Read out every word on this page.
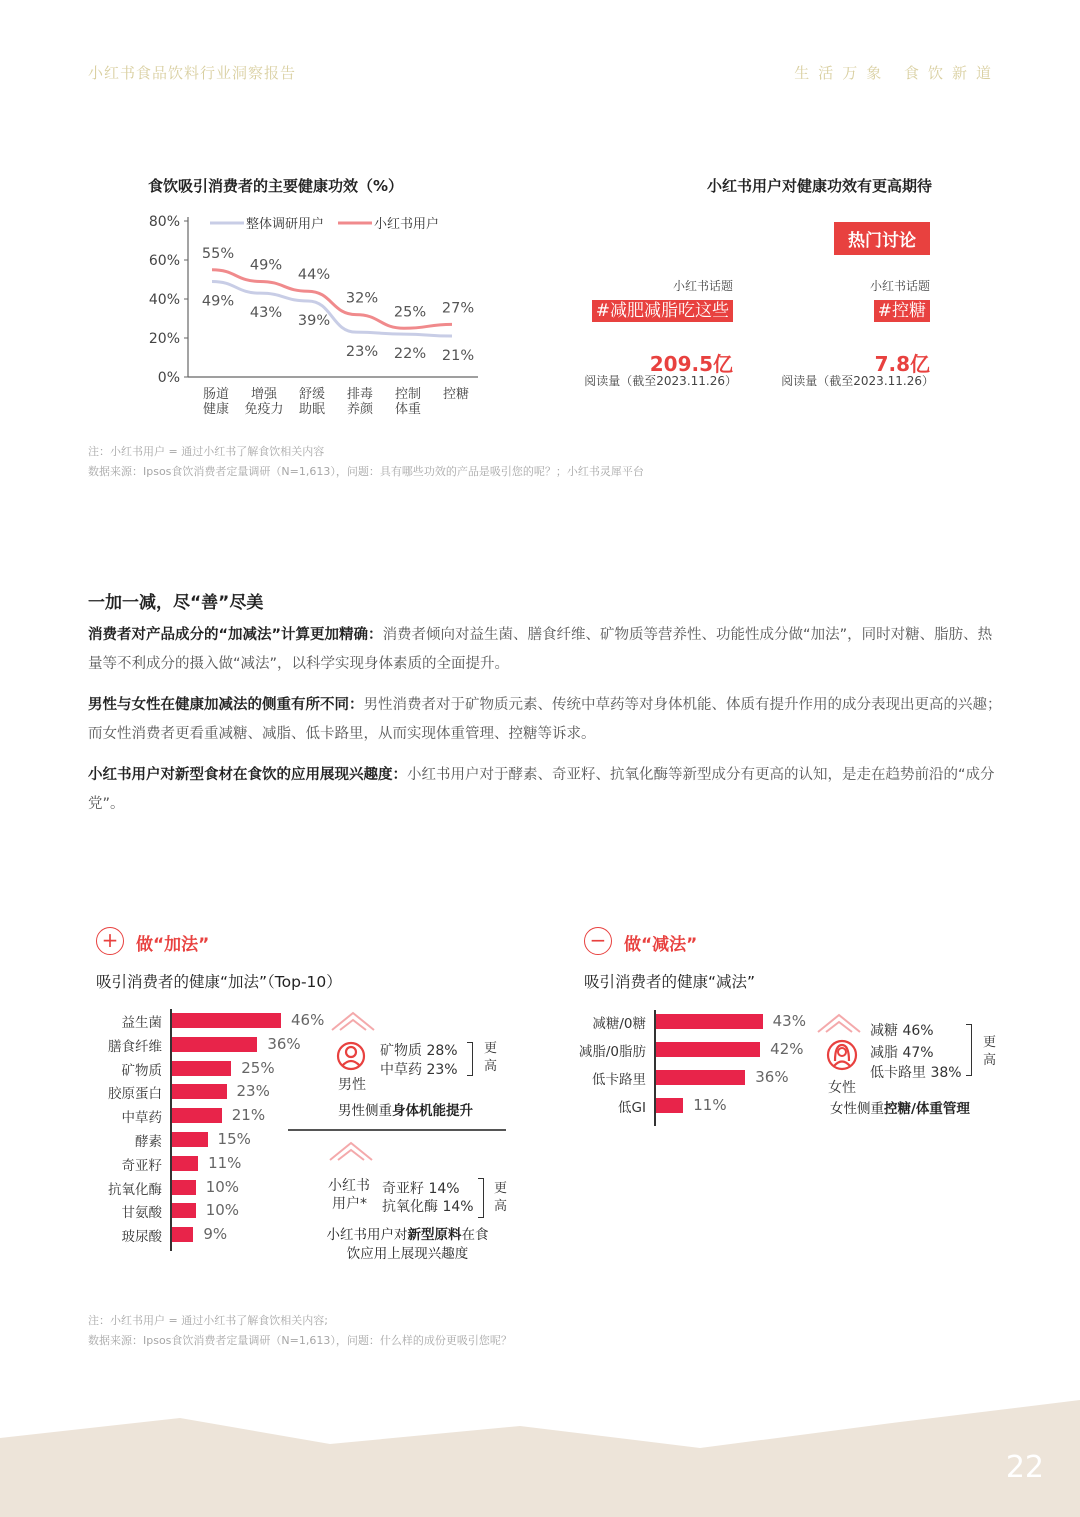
小红书食品饮料行业洞察报告	生活万象 食饮新道
食饮吸引消费者的主要健康功效（%）
80%
60%
40%
20%
0%
肠道
健康
增强
免疫力
舒缓
助眠
排毒
养颜
控制
体重
控糖
整体调研用户	小红书用户
55%
49%
44%
32%
25% 27%
49%
43% 39%
23% 22% 21%
小红书用户对健康功效有更高期待
热门讨论
小红书话题
#减肥减脂吃这些
209.5亿
阅读量（截至2023.11.26）
小红书话题
#控糖
7.8亿
阅读量（截至2023.11.26）
注：小红书用户 = 通过小红书了解食饮相关内容
数据来源：Ipsos食饮消费者定量调研（N=1,613），问题：具有哪些功效的产品是吸引您的呢？；小红书灵犀平台
一加一减，尽“善”尽美
消费者对产品成分的“加减法”计算更加精确：消费者倾向对益生菌、膳食纤维、矿物质等营养性、功能性成分做“加法”，同时对糖、脂肪、热量等不利成分的摄入做“减法”，以科学实现身体素质的全面提升。
男性与女性在健康加减法的侧重有所不同：男性消费者对于矿物质元素、传统中草药等对身体机能、体质有提升作用的成分表现出更高的兴趣；而女性消费者更看重减糖、减脂、低卡路里，从而实现体重管理、控糖等诉求。
小红书用户对新型食材在食饮的应用展现兴趣度：小红书用户对于酵素、奇亚籽、抗氧化酶等新型成分有更高的认知，是走在趋势前沿的“成分党”。
+	做“加法”
吸引消费者的健康“加法”（Top-10）
益生菌	46%
膳食纤维	36%
矿物质	25%
胶原蛋白	23%
中草药	21%
酵素	15%
奇亚籽	11%
抗氧化酶	10%
甘氨酸	10%
玻尿酸	9%
男性
矿物质 28%
中草药 23%
更高
男性侧重身体机能提升
小红书
用户*
奇亚籽 14%
抗氧化酶 14%
更高
小红书用户对新型原料在食
饮应用上展现兴趣度
−	做“减法”
吸引消费者的健康“减法”
减糖/0糖	43%
减脂/0脂肪	42%
低卡路里	36%
低GI	11%
女性
减糖 46%
减脂 47%
低卡路里 38%
更高
女性侧重控糖/体重管理
注：小红书用户 = 通过小红书了解食饮相关内容;
数据来源：Ipsos食饮消费者定量调研（N=1,613），问题：什么样的成份更吸引您呢？
22
